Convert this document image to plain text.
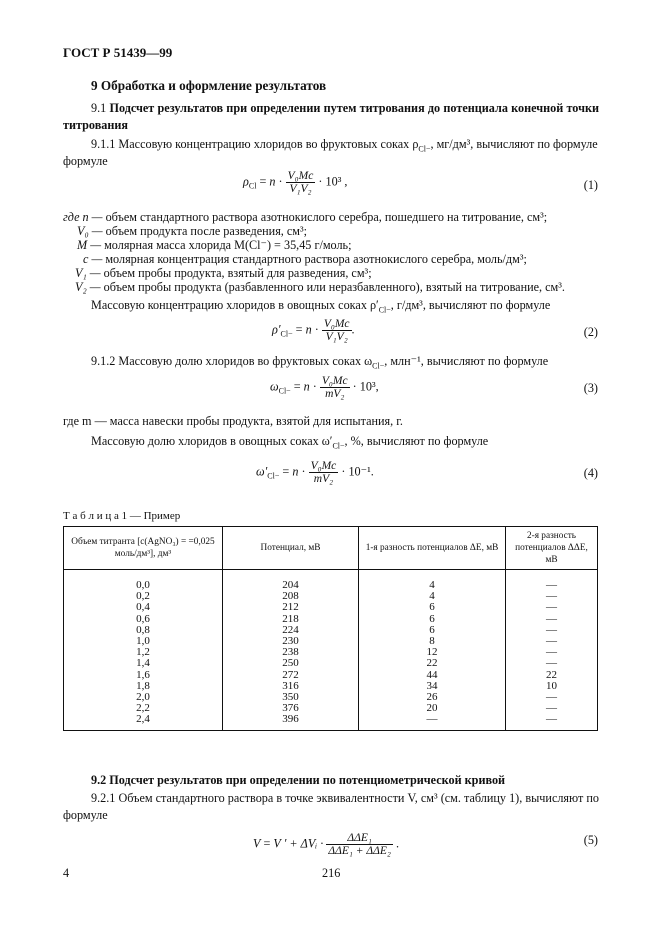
ГОСТ Р 51439—99
9 Обработка и оформление результатов
9.1 Подсчет результатов при определении путем титрования до потенциала конечной точки титрования
9.1.1 Массовую концентрацию хлоридов во фруктовых соках $\rho_{Cl-}$, мг/дм³, вычисляют по формуле
формуле
$\rho_{Cl} = n \cdot \frac{\text{V₀Mc}}{\text{V₁V₂}} \cdot 10^3$ ,	(1)
где n — объем стандартного раствора азотнокислого серебра, пошедшего на титрование, см³;
V₀ — объем продукта после разведения, см³;
M — молярная масса хлорида M(Cl⁻) = 35,45 г/моль;
c — молярная концентрация стандартного раствора азотнокислого серебра, моль/дм³;
V₁ — объем пробы продукта, взятый для разведения, см³;
V₂ — объем пробы продукта (разбавленного или неразбавленного), взятый на титрование, см³.
Массовую концентрацию хлоридов в овощных соках $\rho'_{Cl-}$, г/дм³, вычисляют по формуле
$\rho'_{Cl-} = n \cdot \frac{\text{V₀Mc}}{\text{V₁V₂}}$ .	(2)
9.1.2 Массовую долю хлоридов во фруктовых соках $\omega_{Cl-}$, млн⁻¹, вычисляют по формуле
$\omega_{Cl-} = n \cdot \frac{\text{V₀Mc}}{\text{mV₂}} \cdot 10^3$,	(3)
где m — масса навески пробы продукта, взятой для испытания, г.
Массовую долю хлоридов в овощных соках $\omega'_{Cl-}$, %, вычисляют по формуле
$\omega'_{Cl-} = n \cdot \frac{\text{V₀Mc}}{\text{mV₂}} \cdot 10^{-1}$.	(4)
Т а б л и ц а 1 — Пример
Объем титранта [c(AgNO₃) = =0,025 моль/дм³], дм³	Потенциал, мВ	1-я разность потенциалов ΔE, мВ	2-я разность потенциалов ΔΔE, мВ

0,0	204	4	—
0,2	208	4	—
0,4	212	6	—
0,6	218	6	—
0,8	224	6	—
1,0	230	8	—
1,2	238	12	—
1,4	250	22	—
1,6	272	44	22
1,8	316	34	10
2,0	350	26	—
2,2	376	20	—
2,4	396	—	—
9.2 Подсчет результатов при определении по потенциометрической кривой
9.2.1 Объем стандартного раствора в точке эквивалентности V, см³ (см. таблицу 1), вычисляют по формуле
V = V ′ + ΔVᵢ · $\frac{\text{ΔΔE₁}}{\text{ΔΔE₁ + ΔΔE₂}}$ .	(5)
4	216
